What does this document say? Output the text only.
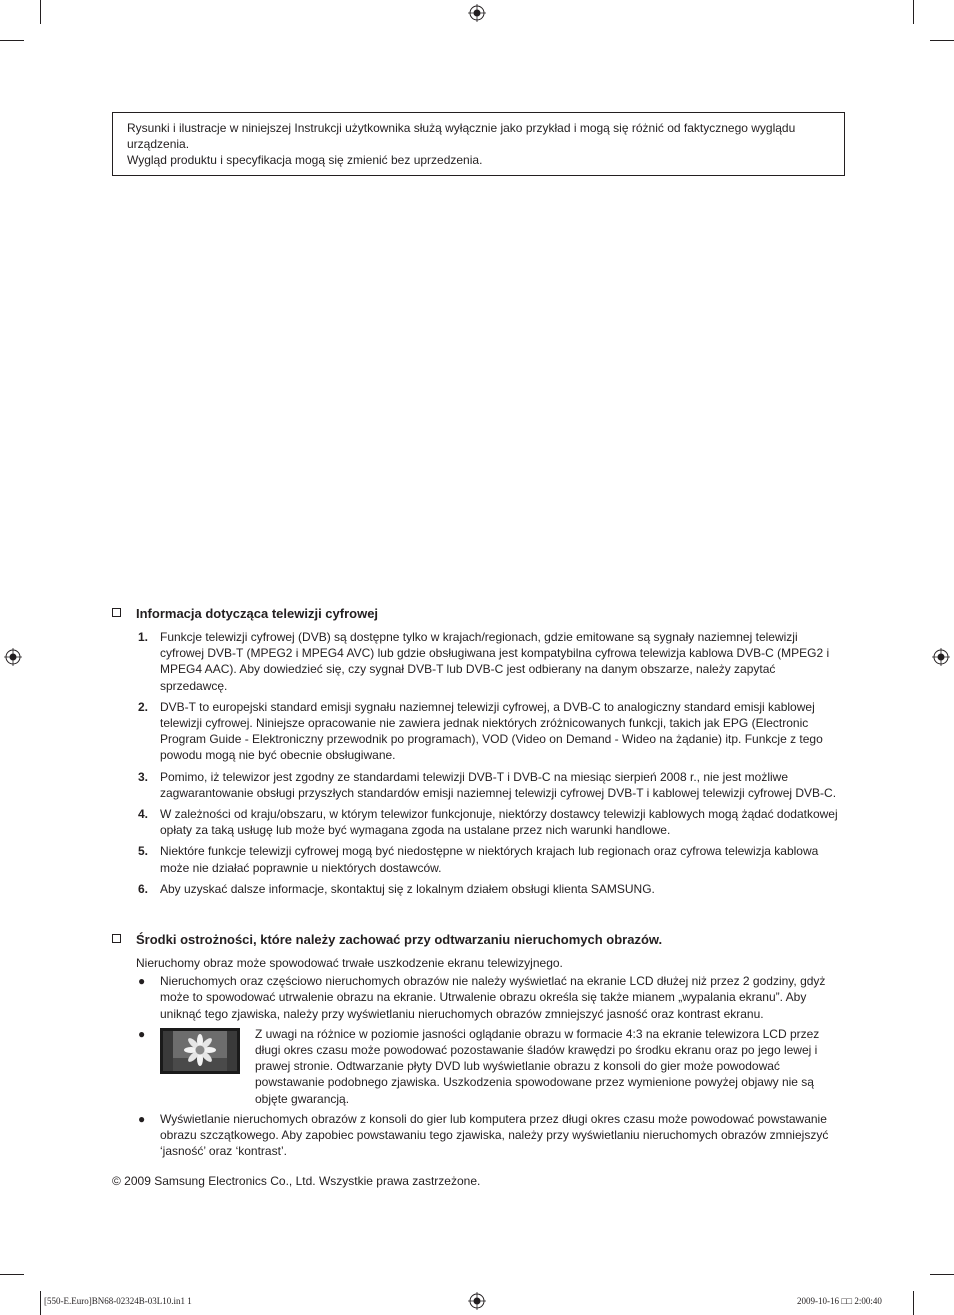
Rysunki i ilustracje w niniejszej Instrukcji użytkownika służą wyłącznie jako przykład i mogą się różnić od faktycznego wyglądu urządzenia.

Wygląd produktu i specyfikacja mogą się zmienić bez uprzedzenia.

Informacja dotycząca telewizji cyfrowej
1. Funkcje telewizji cyfrowej (DVB) są dostępne tylko w krajach/regionach, gdzie emitowane są sygnały naziemnej telewizji cyfrowej DVB-T (MPEG2 i MPEG4 AVC) lub gdzie obsługiwana jest kompatybilna cyfrowa telewizja kablowa DVB-C (MPEG2 i MPEG4 AAC). Aby dowiedzieć się, czy sygnał DVB-T lub DVB-C jest odbierany na danym obszarze, należy zapytać sprzedawcę.
2. DVB-T to europejski standard emisji sygnału naziemnej telewizji cyfrowej, a DVB-C to analogiczny standard emisji kablowej telewizji cyfrowej. Niniejsze opracowanie nie zawiera jednak niektórych zróżnicowanych funkcji, takich jak EPG (Electronic Program Guide - Elektroniczny przewodnik po programach), VOD (Video on Demand - Wideo na żądanie) itp. Funkcje z tego powodu mogą nie być obecnie obsługiwane.
3. Pomimo, iż telewizor jest zgodny ze standardami telewizji DVB-T i DVB-C na miesiąc sierpień 2008 r., nie jest możliwe zagwarantowanie obsługi przyszłych standardów emisji naziemnej telewizji cyfrowej DVB-T i kablowej telewizji cyfrowej DVB-C.
4. W zależności od kraju/obszaru, w którym telewizor funkcjonuje, niektórzy dostawcy telewizji kablowych mogą żądać dodatkowej opłaty za taką usługę lub może być wymagana zgoda na ustalane przez nich warunki handlowe.
5. Niektóre funkcje telewizji cyfrowej mogą być niedostępne w niektórych krajach lub regionach oraz cyfrowa telewizja kablowa może nie działać poprawnie u niektórych dostawców.
6. Aby uzyskać dalsze informacje, skontaktuj się z lokalnym działem obsługi klienta SAMSUNG.
Środki ostrożności, które należy zachować przy odtwarzaniu nieruchomych obrazów.
Nieruchomy obraz może spowodować trwałe uszkodzenie ekranu telewizyjnego.
● Nieruchomych oraz częściowo nieruchomych obrazów nie należy wyświetlać na ekranie LCD dłużej niż przez 2 godziny, gdyż może to spowodować utrwalenie obrazu na ekranie. Utrwalenie obrazu określa się także mianem „wypalania ekranu”. Aby uniknąć tego zjawiska, należy przy wyświetlaniu nieruchomych obrazów zmniejszyć jasność oraz kontrast ekranu.
●	Z uwagi na różnice w poziomie jasności oglądanie obrazu w formacie 4:3 na ekranie telewizora LCD przez długi okres czasu może powodować pozostawanie śladów krawędzi po środku ekranu oraz po jego lewej i prawej stronie. Odtwarzanie płyty DVD lub wyświetlanie obrazu z konsoli do gier może powodować powstawanie podobnego zjawiska. Uszkodzenia spowodowane przez wymienione powyżej objawy nie są objęte gwarancją.
● Wyświetlanie nieruchomych obrazów z konsoli do gier lub komputera przez długi okres czasu może powodować powstawanie obrazu szczątkowego. Aby zapobiec powstawaniu tego zjawiska, należy przy wyświetlaniu nieruchomych obrazów zmniejszyć ‘jasność’ oraz ‘kontrast’.
© 2009 Samsung Electronics Co., Ltd. Wszystkie prawa zastrzeżone.
[550-E.Euro]BN68-02324B-03L10.in1 1	2009-10-16 □□ 2:00:40
